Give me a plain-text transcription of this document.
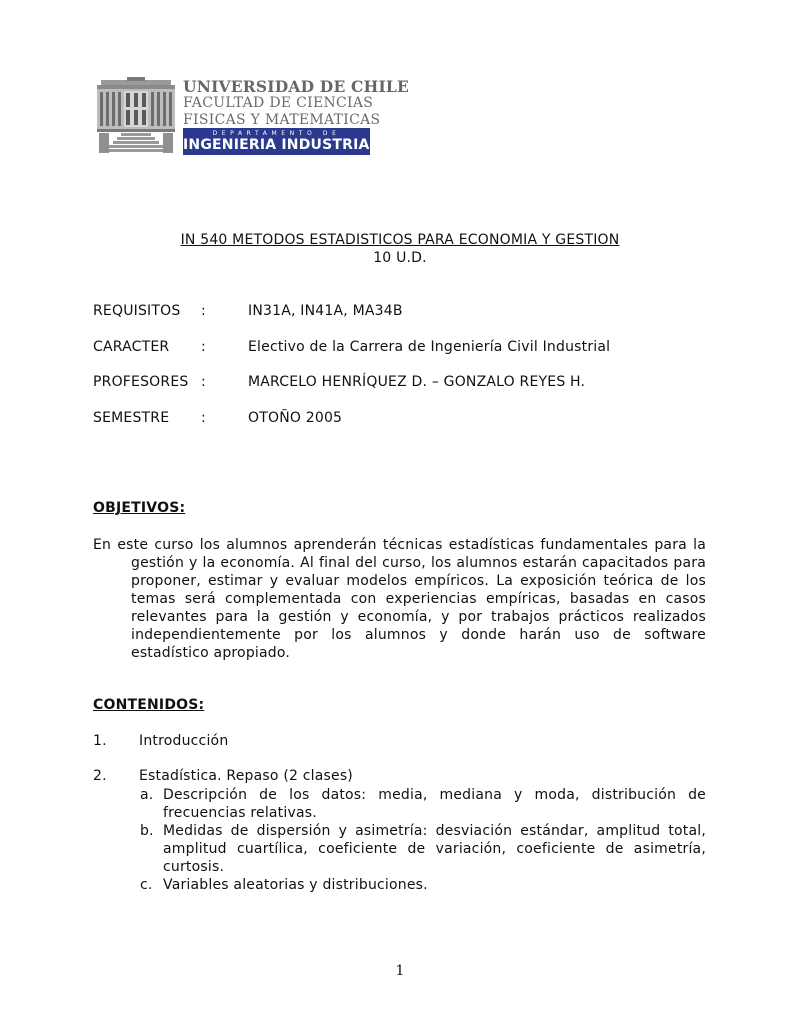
UNIVERSIDAD DE CHILE
FACULTAD DE CIENCIAS
FISICAS Y MATEMATICAS
DEPARTAMENTO DE
INGENIERIA INDUSTRIAL
IN 540 METODOS ESTADISTICOS PARA ECONOMIA Y GESTION
10 U.D.
REQUISITOS :	IN31A, IN41A, MA34B
CARACTER :	Electivo de la Carrera de Ingeniería Civil Industrial
PROFESORES :	MARCELO HENRÍQUEZ D. – GONZALO REYES H.
SEMESTRE :	OTOÑO 2005
OBJETIVOS:
En este curso los alumnos aprenderán técnicas estadísticas fundamentales para la gestión y la economía. Al final del curso, los alumnos estarán capacitados para proponer, estimar y evaluar modelos empíricos. La exposición teórica de los temas será complementada con experiencias empíricas, basadas en casos relevantes para la gestión y economía, y por trabajos prácticos realizados independientemente por los alumnos y donde harán uso de software estadístico apropiado.
CONTENIDOS:
1. Introducción
2. Estadística. Repaso (2 clases)
a. Descripción de los datos: media, mediana y moda, distribución de frecuencias relativas.
b. Medidas de dispersión y asimetría: desviación estándar, amplitud total, amplitud cuartílica, coeficiente de variación, coeficiente de asimetría, curtosis.
c. Variables aleatorias y distribuciones.
1
